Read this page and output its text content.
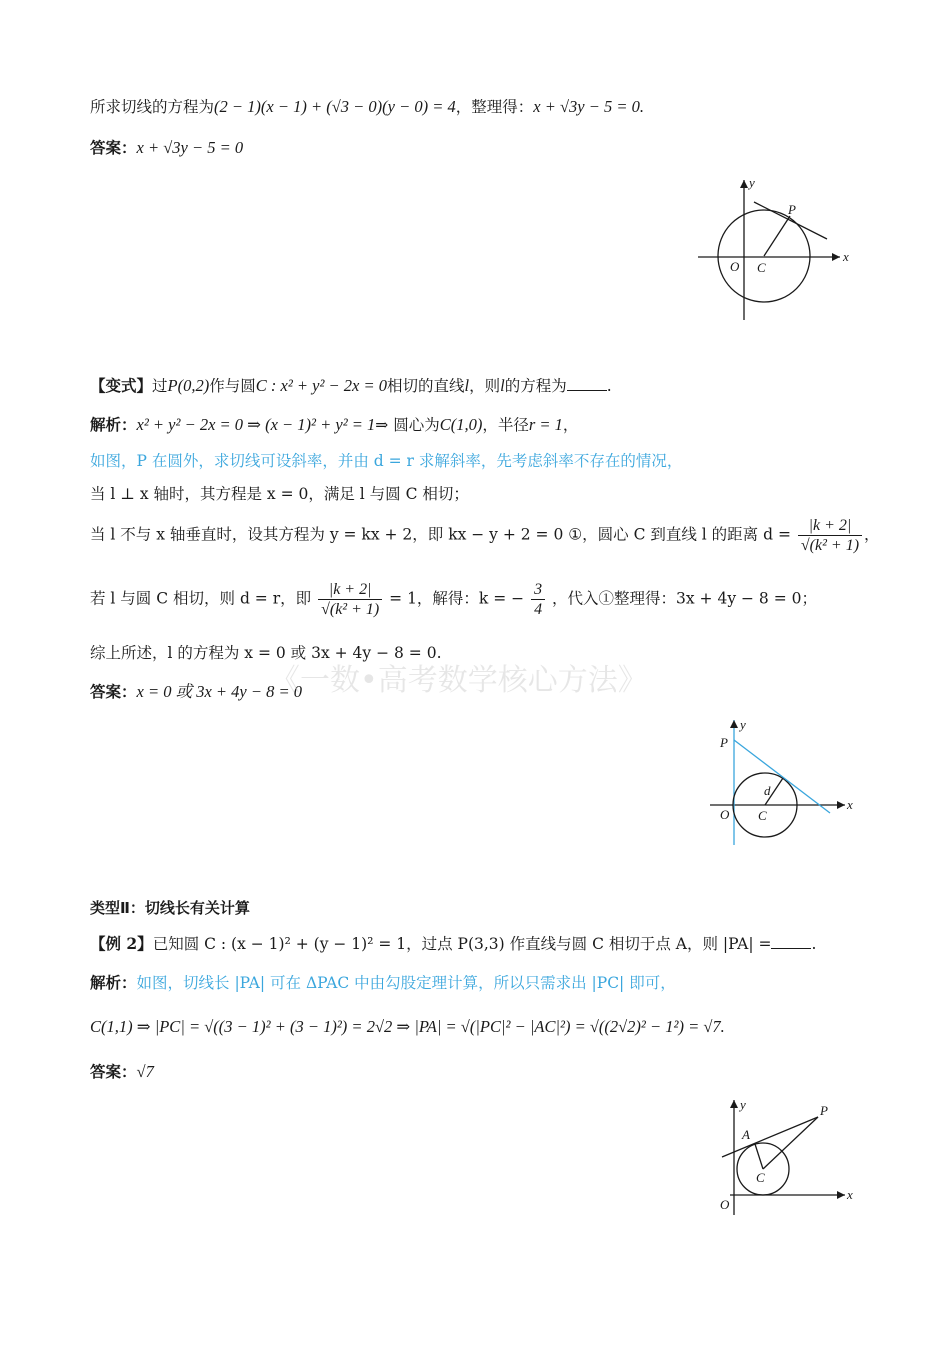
所求切线的方程为(2 − 1)(x − 1) + (√3 − 0)(y − 0) = 4，整理得：x + √3y − 5 = 0.
答案：x + √3y − 5 = 0
x
y
O C
P
【变式】过P(0,2)作与圆C : x² + y² − 2x = 0相切的直线l，则l的方程为	.
解析：x² + y² − 2x = 0 ⇒ (x − 1)² + y² = 1⇒ 圆心为C(1,0)，半径r = 1，
如图，P 在圆外，求切线可设斜率，并由 d = r 求解斜率，先考虑斜率不存在的情况，
当 l ⊥ x 轴时，其方程是 x = 0，满足 l 与圆 C 相切；
当 l 不与 x 轴垂直时，设其方程为 y = kx + 2，即 kx − y + 2 = 0 ①，圆心 C 到直线 l 的距离 $d = \frac{|k + 2|}{\text{√(k² + 1)}}$ ，
若 l 与圆 C 相切，则 d = r，即 $\frac{|k + 2|}{\text{√(k² + 1)}} = 1$，解得：k = − $\frac{3}{4}$ ，代入①整理得：3x + 4y − 8 = 0；
综上所述，l 的方程为 x = 0 或 3x + 4y − 8 = 0.
答案：x = 0 或 3x + 4y − 8 = 0
《一数•高考数学核心方法》
x
y
O C
P
d
类型Ⅱ：切线长有关计算
【例 2】已知圆 C : (x − 1)² + (y − 1)² = 1，过点 P(3,3) 作直线与圆 C 相切于点 A，则 |PA| =	.
解析：如图，切线长 |PA| 可在 ΔPAC 中由勾股定理计算，所以只需求出 |PC| 即可，
C(1,1) ⇒ |PC| = √((3 − 1)² + (3 − 1)²) = 2√2 ⇒ |PA| = √(|PC|² − |AC|²) = √((2√2)² − 1²) = √7.
答案：√7
x
y
O
C
P
A
